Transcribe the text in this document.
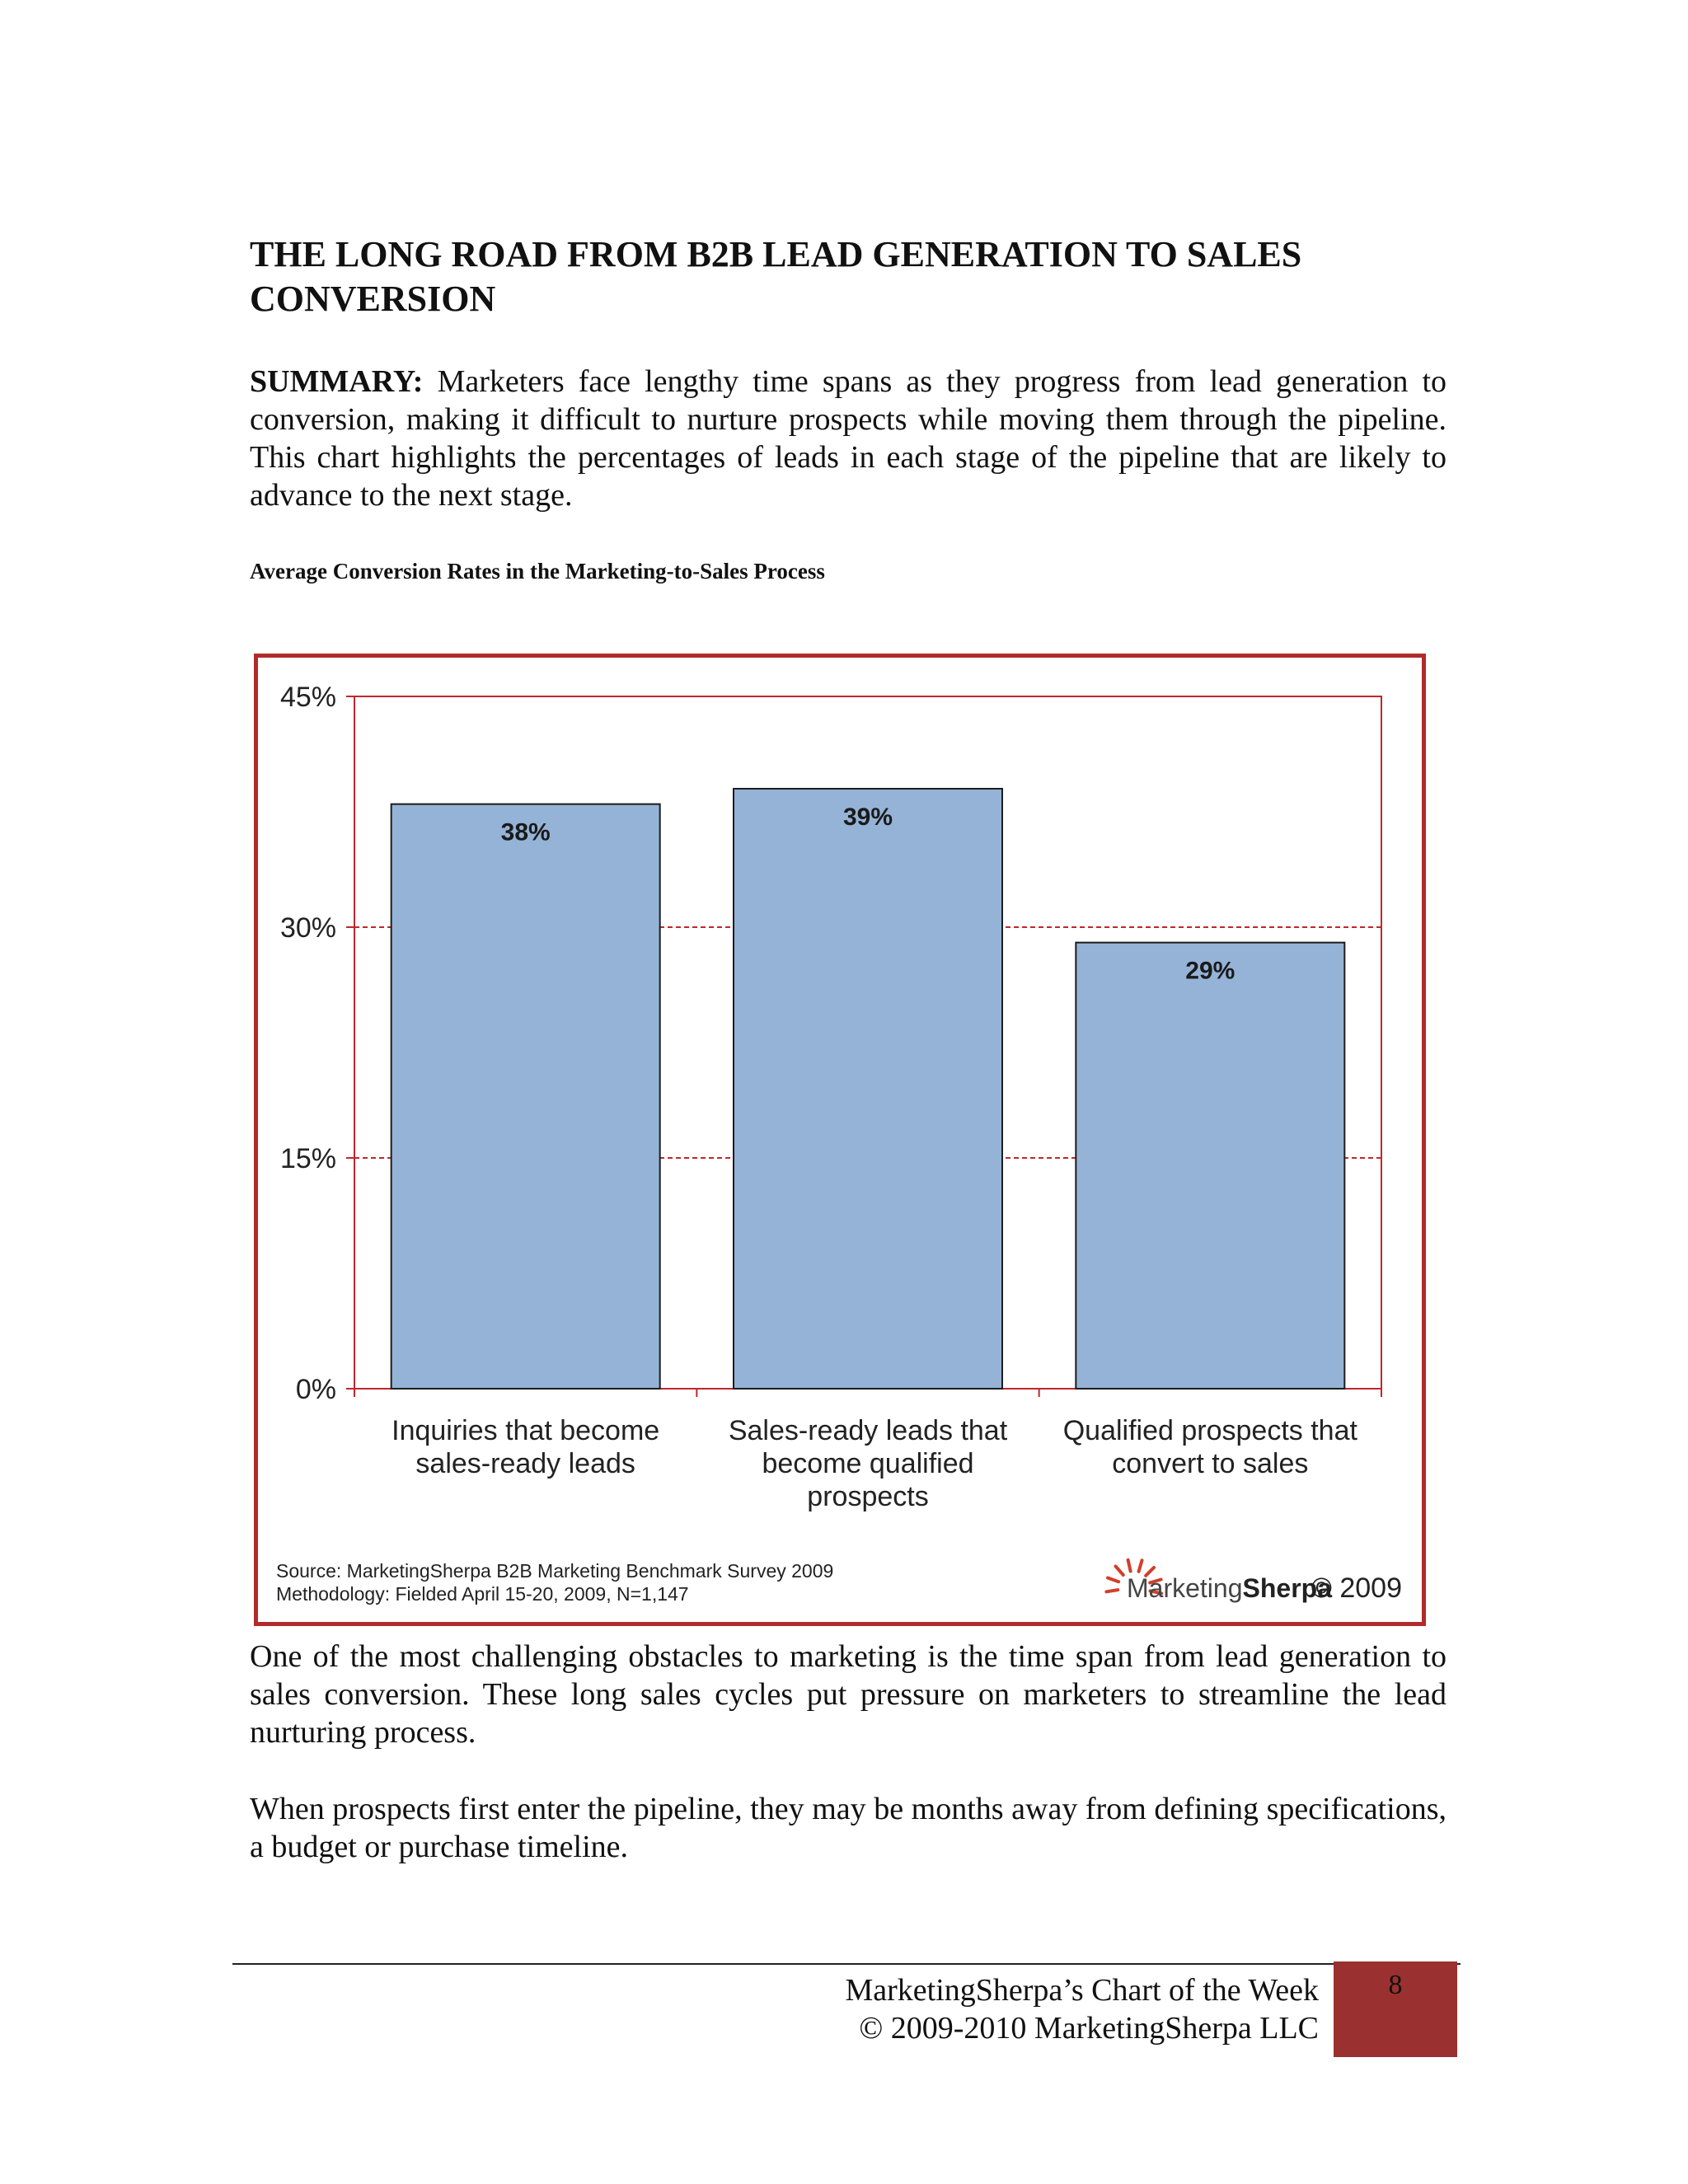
THE LONG ROAD FROM B2B LEAD GENERATION TO SALES CONVERSION

SUMMARY: Marketers face lengthy time spans as they progress from lead generation to conversion, making it difficult to nurture prospects while moving them through the pipeline. This chart highlights the percentages of leads in each stage of the pipeline that are likely to advance to the next stage.

Average Conversion Rates in the Marketing-to-Sales Process

0%
15%
30%
45%
38%
Inquiries that become
sales-ready leads
39%
Sales-ready leads that
become qualified
prospects
29%
Qualified prospects that
convert to sales
Source: MarketingSherpa B2B Marketing Benchmark Survey 2009
Methodology: Fielded April 15-20, 2009, N=1,147	MarketingSherpa
© 2009

One of the most challenging obstacles to marketing is the time span from lead generation to sales conversion. These long sales cycles put pressure on marketers to streamline the lead nurturing process.

When prospects first enter the pipeline, they may be months away from defining specifications, a budget or purchase timeline.

MarketingSherpa’s Chart of the Week
© 2009-2010 MarketingSherpa LLC
8
